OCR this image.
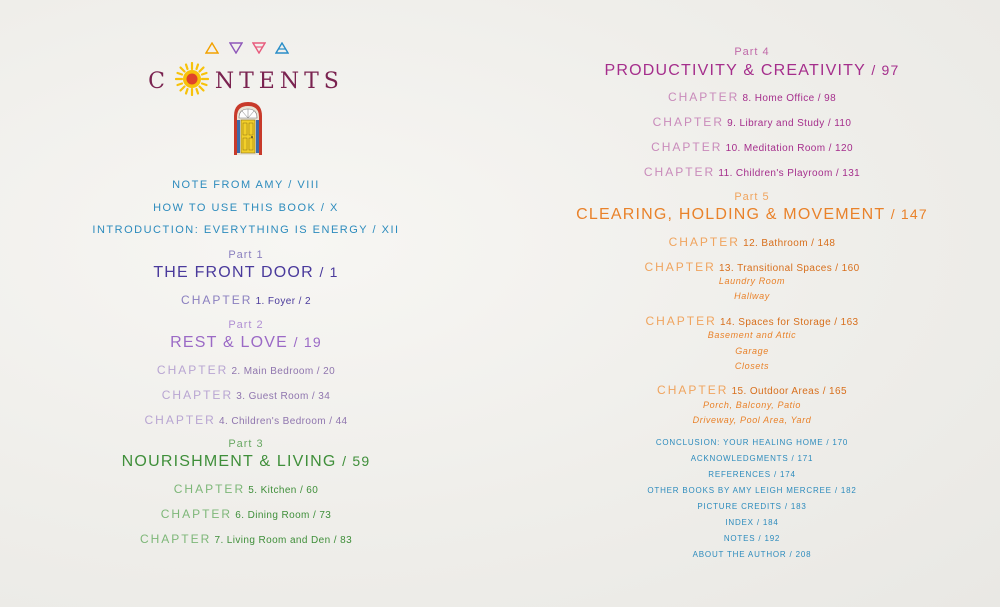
C NTENTS
NOTE FROM AMY / VIII
HOW TO USE THIS BOOK / X
INTRODUCTION: EVERYTHING IS ENERGY / XII
Part 1
THE FRONT DOOR / 1
CHAPTER 1. Foyer / 2
Part 2
REST & LOVE / 19
CHAPTER 2. Main Bedroom / 20
CHAPTER 3. Guest Room / 34
CHAPTER 4. Children's Bedroom / 44
Part 3
NOURISHMENT & LIVING / 59
CHAPTER 5. Kitchen / 60
CHAPTER 6. Dining Room / 73
CHAPTER 7. Living Room and Den / 83
Part 4
PRODUCTIVITY & CREATIVITY / 97
CHAPTER 8. Home Office / 98
CHAPTER 9. Library and Study / 110
CHAPTER 10. Meditation Room / 120
CHAPTER 11. Children's Playroom / 131
Part 5
CLEARING, HOLDING & MOVEMENT / 147
CHAPTER 12. Bathroom / 148
CHAPTER 13. Transitional Spaces / 160
Laundry Room
Hallway
CHAPTER 14. Spaces for Storage / 163
Basement and Attic
Garage
Closets
CHAPTER 15. Outdoor Areas / 165
Porch, Balcony, Patio
Driveway, Pool Area, Yard
CONCLUSION: YOUR HEALING HOME / 170
ACKNOWLEDGMENTS / 171
REFERENCES / 174
OTHER BOOKS BY AMY LEIGH MERCREE / 182
PICTURE CREDITS / 183
INDEX / 184
NOTES / 192
ABOUT THE AUTHOR / 208
